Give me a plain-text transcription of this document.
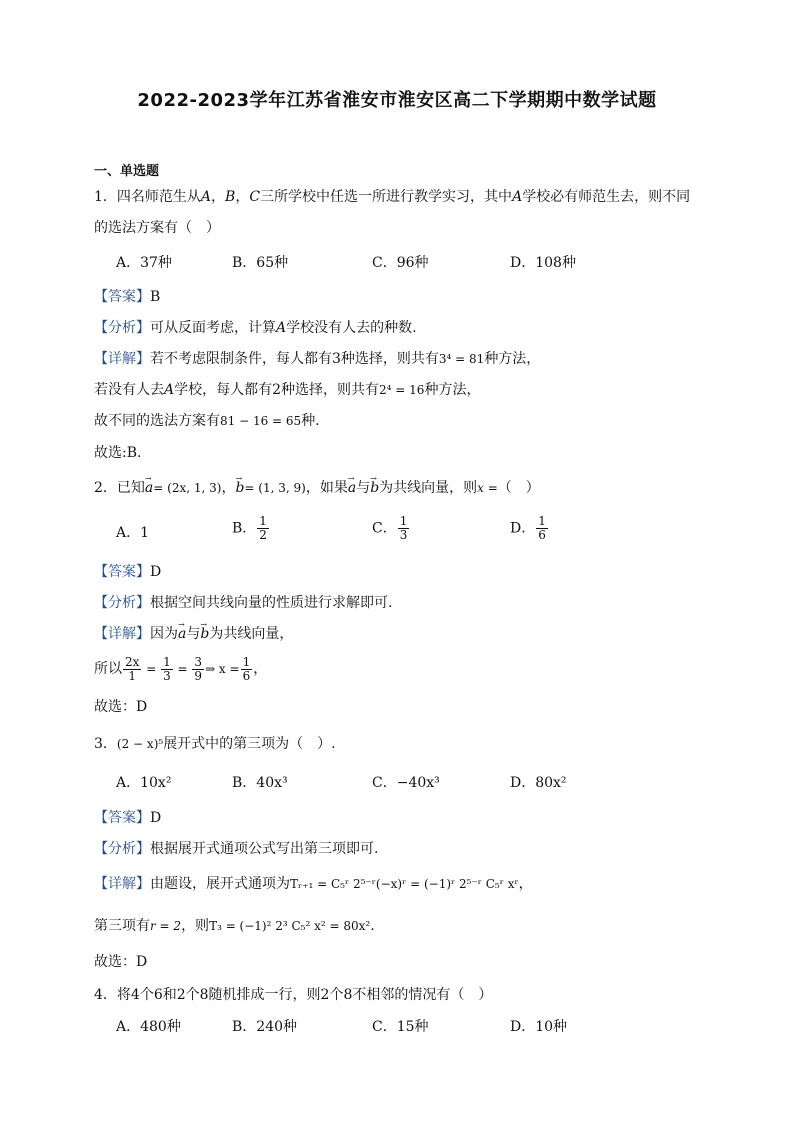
2022-2023学年江苏省淮安市淮安区高二下学期期中数学试题
一、单选题
1．四名师范生从A，B，C三所学校中任选一所进行教学实习，其中A学校必有师范生去，则不同
的选法方案有（　）
A．37种	B．65种	C．96种	D．108种
【答案】B
【分析】可从反面考虑，计算A学校没有人去的种数.
【详解】若不考虑限制条件，每人都有3种选择，则共有3⁴ = 81种方法，
若没有人去A学校，每人都有2种选择，则共有2⁴ = 16种方法，
故不同的选法方案有81 − 16 = 65种.
故选:B.
2．已知→ a= (2x, 1, 3)，→ b= (1, 3, 9)，如果→ a与→ b为共线向量，则x =（　）
A．1	B． $\frac{1}{2}$	C． $\frac{1}{3}$	D． $\frac{1}{6}$
【答案】D
【分析】根据空间共线向量的性质进行求解即可.
【详解】因为→ a与→ b为共线向量，
所以 $\frac{2x}{1} = \frac{1}{3} = \frac{3}{9}$ ⇒ $x = \frac{1}{6}$ ，
故选：D
3．(2 − x)⁵展开式中的第三项为（　）.
A．10x²	B．40x³	C．−40x³	D．80x²
【答案】D
【分析】根据展开式通项公式写出第三项即可.
【详解】由题设，展开式通项为Tᵣ₊₁ = C₅ʳ 2⁵⁻ʳ(−x)ʳ = (−1)ʳ 2⁵⁻ʳ C₅ʳ xʳ，
第三项有r = 2，则T₃ = (−1)² 2³ C₅² x² = 80x².
故选：D
4．将4个6和2个8随机排成一行，则2个8不相邻的情况有（　）
A．480种	B．240种	C．15种	D．10种
